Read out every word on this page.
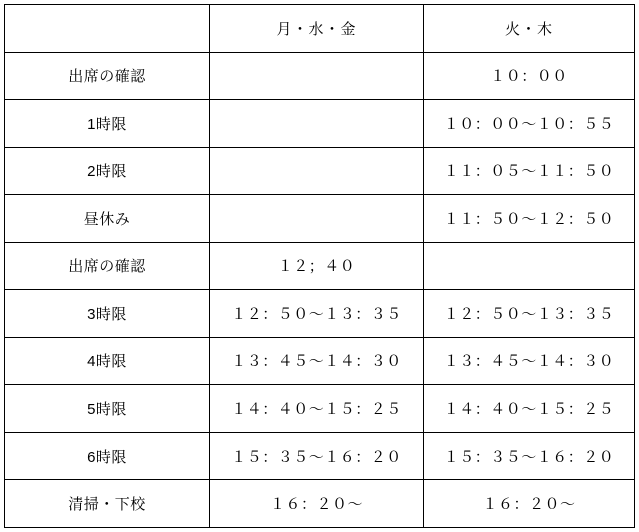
	月・水・金	火・木
出席の確認		１０：００
1時限		１０：００〜１０：５５
2時限		１１：０５〜１１：５０
昼休み		１１：５０〜１２：５０
出席の確認	１２；４０	
3時限	１２：５０〜１３：３５	１２：５０〜１３：３５
4時限	１３：４５〜１４：３０	１３：４５〜１４：３０
5時限	１４：４０〜１５：２５	１４：４０〜１５：２５
6時限	１５：３５〜１６：２０	１５：３５〜１６：２０
清掃・下校	１６：２０〜	１６：２０〜
